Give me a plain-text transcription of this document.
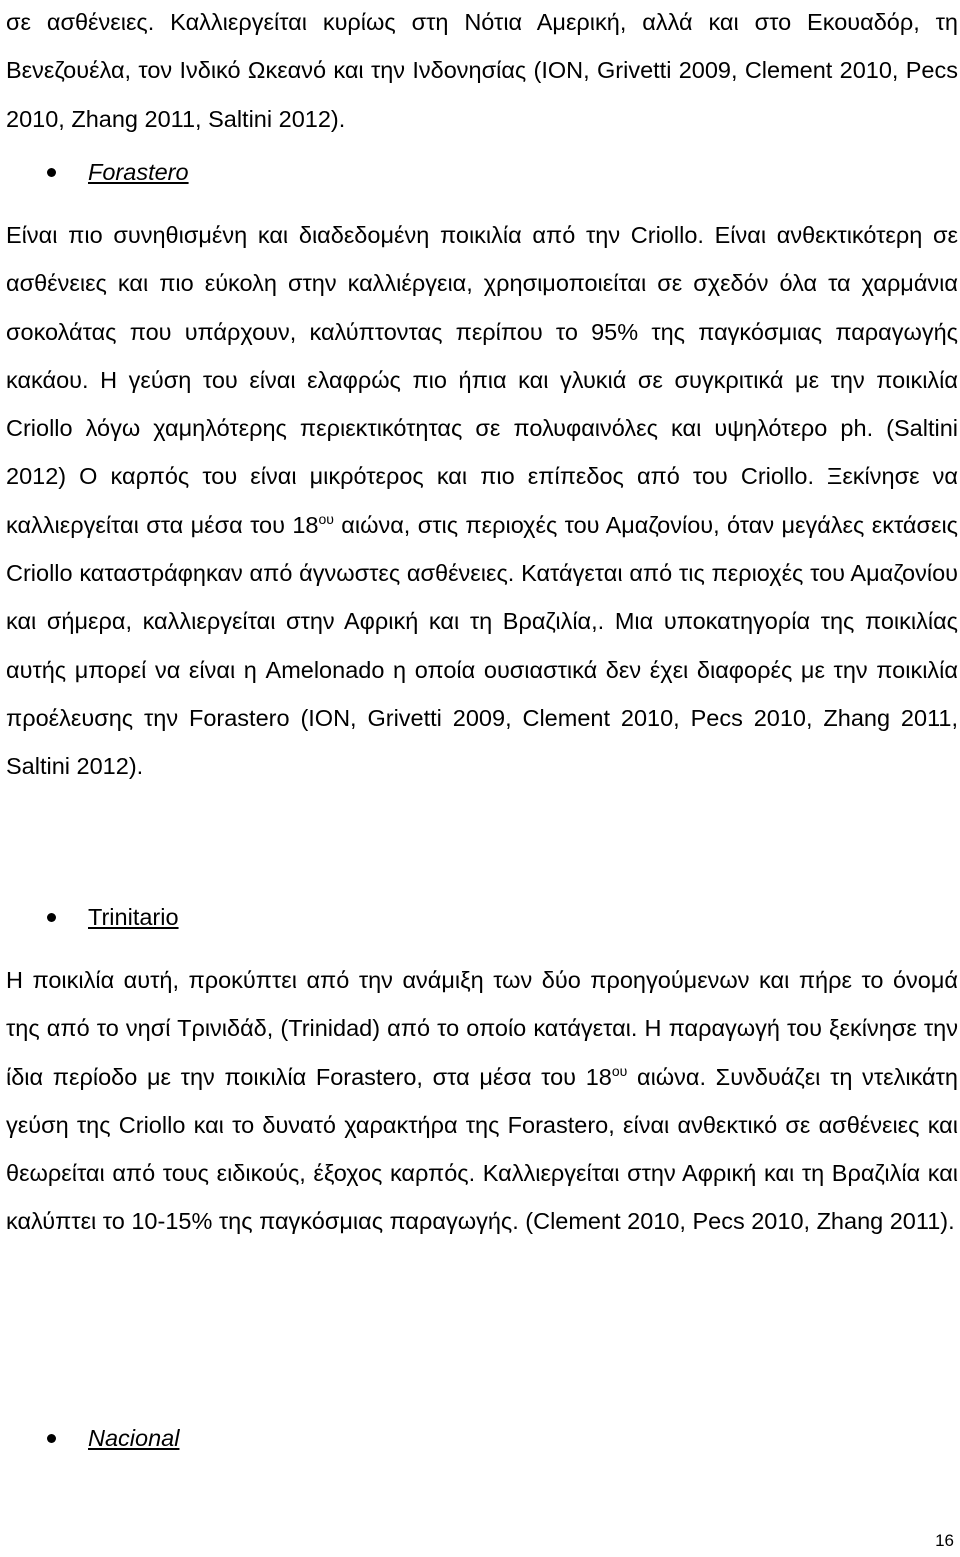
σε ασθένειες. Καλλιεργείται κυρίως στη Νότια Αμερική, αλλά και στο Εκουαδόρ, τη Βενεζουέλα, τον Ινδικό Ωκεανό και την Ινδονησίας (ION, Grivetti 2009, Clement 2010, Pecs 2010, Zhang 2011, Saltini 2012).

Forastero

Είναι πιο συνηθισμένη και διαδεδομένη ποικιλία από την Criollo. Είναι ανθεκτικότερη σε ασθένειες και πιο εύκολη στην καλλιέργεια, χρησιμοποιείται σε σχεδόν όλα τα χαρμάνια σοκολάτας που υπάρχουν, καλύπτοντας περίπου το 95% της παγκόσμιας παραγωγής κακάου. Η γεύση του είναι ελαφρώς πιο ήπια και γλυκιά σε συγκριτικά με την ποικιλία Criollo λόγω χαμηλότερης περιεκτικότητας σε πολυφαινόλες και υψηλότερο ph. (Saltini 2012) Ο καρπός του είναι μικρότερος και πιο επίπεδος από του Criollo. Ξεκίνησε να καλλιεργείται στα μέσα του $18^{o\upsilon}$ αιώνα, στις περιοχές του Αμαζονίου, όταν μεγάλες εκτάσεις Criollo καταστράφηκαν από άγνωστες ασθένειες. Κατάγεται από τις περιοχές του Αμαζονίου και σήμερα, καλλιεργείται στην Αφρική και τη Βραζιλία,. Μια υποκατηγορία της ποικιλίας αυτής μπορεί να είναι η Amelonado η οποία ουσιαστικά δεν έχει διαφορές με την ποικιλία προέλευσης την Forastero (ION, Grivetti 2009, Clement 2010, Pecs 2010, Zhang 2011, Saltini 2012).

Trinitario

Η ποικιλία αυτή, προκύπτει από την ανάμιξη των δύο προηγούμενων και πήρε το όνομά της από το νησί Τρινιδάδ, (Trinidad) από το οποίο κατάγεται. Η παραγωγή του ξεκίνησε την ίδια περίοδο με την ποικιλία Forastero, στα μέσα του $18^{o\upsilon}$ αιώνα. Συνδυάζει τη ντελικάτη γεύση της Criollo και το δυνατό χαρακτήρα της Forastero, είναι ανθεκτικό σε ασθένειες και θεωρείται από τους ειδικούς, έξοχος καρπός. Καλλιεργείται στην Αφρική και τη Βραζιλία και καλύπτει το 10-15% της παγκόσμιας παραγωγής. (Clement 2010, Pecs 2010, Zhang 2011).

Nacional
16
